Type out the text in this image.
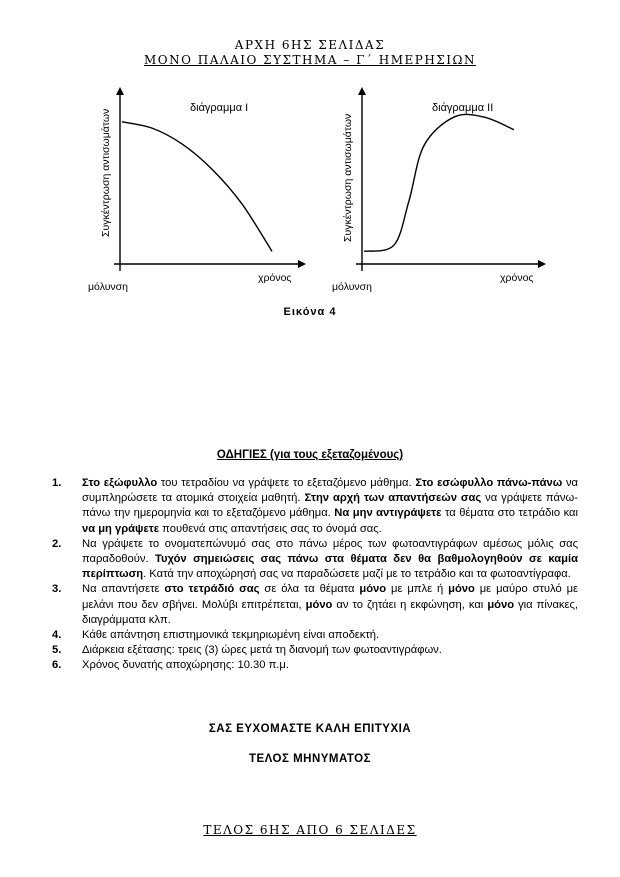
ΑΡΧΗ 6ΗΣ ΣΕΛΙΔΑΣ
ΜΟΝΟ ΠΑΛΑΙΟ ΣΥΣΤΗΜΑ – Γ΄ ΗΜΕΡΗΣΙΩΝ
διάγραμμα Ι
Συγκέντρωση αντισωμάτων
χρόνος
μόλυνση
διάγραμμα ΙΙ
Συγκέντρωση αντισωμάτων
χρόνος
μόλυνση
Εικόνα 4
ΟΔΗΓΙΕΣ (για τους εξεταζομένους)
1. Στο εξώφυλλο του τετραδίου να γράψετε το εξεταζόμενο μάθημα. Στο εσώφυλλο πάνω-πάνω να συμπληρώσετε τα ατομικά στοιχεία μαθητή. Στην αρχή των απαντήσεών σας να γράψετε πάνω-πάνω την ημερομηνία και το εξεταζόμενο μάθημα. Να μην αντιγράψετε τα θέματα στο τετράδιο και να μη γράψετε πουθενά στις απαντήσεις σας το όνομά σας.
2. Να γράψετε το ονοματεπώνυμό σας στο πάνω μέρος των φωτοαντιγράφων αμέσως μόλις σας παραδοθούν. Τυχόν σημειώσεις σας πάνω στα θέματα δεν θα βαθμολογηθούν σε καμία περίπτωση. Κατά την αποχώρησή σας να παραδώσετε μαζί με το τετράδιο και τα φωτοαντίγραφα.
3. Να απαντήσετε στο τετράδιό σας σε όλα τα θέματα μόνο με μπλε ή μόνο με μαύρο στυλό με μελάνι που δεν σβήνει. Μολύβι επιτρέπεται, μόνο αν το ζητάει η εκφώνηση, και μόνο για πίνακες, διαγράμματα κλπ.
4. Κάθε απάντηση επιστημονικά τεκμηριωμένη είναι αποδεκτή.
5. Διάρκεια εξέτασης: τρεις (3) ώρες μετά τη διανομή των φωτοαντιγράφων.
6. Χρόνος δυνατής αποχώρησης: 10.30 π.μ.
ΣΑΣ ΕΥΧΟΜΑΣΤΕ ΚΑΛΗ ΕΠΙΤΥΧΙΑ
ΤΕΛΟΣ ΜΗΝΥΜΑΤΟΣ
ΤΕΛΟΣ 6ΗΣ ΑΠΟ 6 ΣΕΛΙΔΕΣ
